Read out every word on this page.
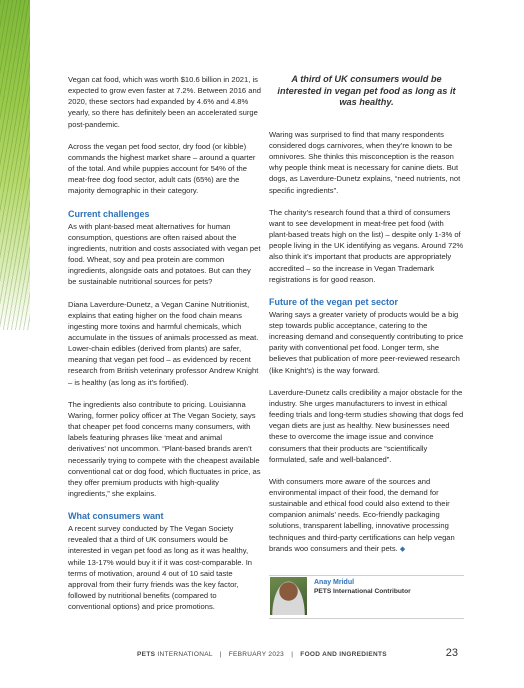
Vegan cat food, which was worth $10.6 billion in 2021, is expected to grow even faster at 7.2%. Between 2016 and 2020, these sectors had expanded by 4.6% and 4.8% yearly, so there has definitely been an accelerated surge post-pandemic.

Across the vegan pet food sector, dry food (or kibble) commands the highest market share – around a quarter of the total. And while puppies account for 54% of the meat-free dog food sector, adult cats (65%) are the majority demographic in their category.

Current challenges

As with plant-based meat alternatives for human consumption, questions are often raised about the ingredients, nutrition and costs associated with vegan pet food. Wheat, soy and pea protein are common ingredients, alongside oats and potatoes. But can they be sustainable nutritional sources for pets?

Diana Laverdure-Dunetz, a Vegan Canine Nutritionist, explains that eating higher on the food chain means ingesting more toxins and harmful chemicals, which accumulate in the tissues of animals processed as meat. Lower-chain edibles (derived from plants) are safer, meaning that vegan pet food – as evidenced by recent research from British veterinary professor Andrew Knight – is healthy (as long as it’s fortified).

The ingredients also contribute to pricing. Louisianna Waring, former policy officer at The Vegan Society, says that cheaper pet food concerns many consumers, with labels featuring phrases like ‘meat and animal derivatives’ not uncommon. “Plant-based brands aren’t necessarily trying to compete with the cheapest available conventional cat or dog food, which fluctuates in price, as they offer premium products with high-quality ingredients,” she explains.

What consumers want

A recent survey conducted by The Vegan Society revealed that a third of UK consumers would be interested in vegan pet food as long as it was healthy, while 13-17% would buy it if it was cost-comparable. In terms of motivation, around 4 out of 10 said taste approval from their furry friends was the key factor, followed by nutritional benefits (compared to conventional options) and price promotions.

A third of UK consumers would be interested in vegan pet food as long as it was healthy.

Waring was surprised to find that many respondents considered dogs carnivores, when they’re known to be omnivores. She thinks this misconception is the reason why people think meat is necessary for canine diets. But dogs, as Laverdure-Dunetz explains, “need nutrients, not specific ingredients”.

The charity’s research found that a third of consumers want to see development in meat-free pet food (with plant-based treats high on the list) – despite only 1-3% of people living in the UK identifying as vegans. Around 72% also think it’s important that products are appropriately accredited – so the increase in Vegan Trademark registrations is for good reason.

Future of the vegan pet sector

Waring says a greater variety of products would be a big step towards public acceptance, catering to the increasing demand and consequently contributing to price parity with conventional pet food. Longer term, she believes that publication of more peer-reviewed research (like Knight’s) is the way forward.

Laverdure-Dunetz calls credibility a major obstacle for the industry. She urges manufacturers to invest in ethical feeding trials and long-term studies showing that dogs fed vegan diets are just as healthy. New businesses need these to overcome the image issue and convince consumers that their products are “scientifically formulated, safe and well-balanced”.

With consumers more aware of the sources and environmental impact of their food, the demand for sustainable and ethical food could also extend to their companion animals’ needs. Eco-friendly packaging solutions, transparent labelling, innovative processing techniques and third-party certifications can help vegan brands woo consumers and their pets. ◆

Anay Mridul
PETS International Contributor
PETS INTERNATIONAL | FEBRUARY 2023 | FOOD AND INGREDIENTS	23
